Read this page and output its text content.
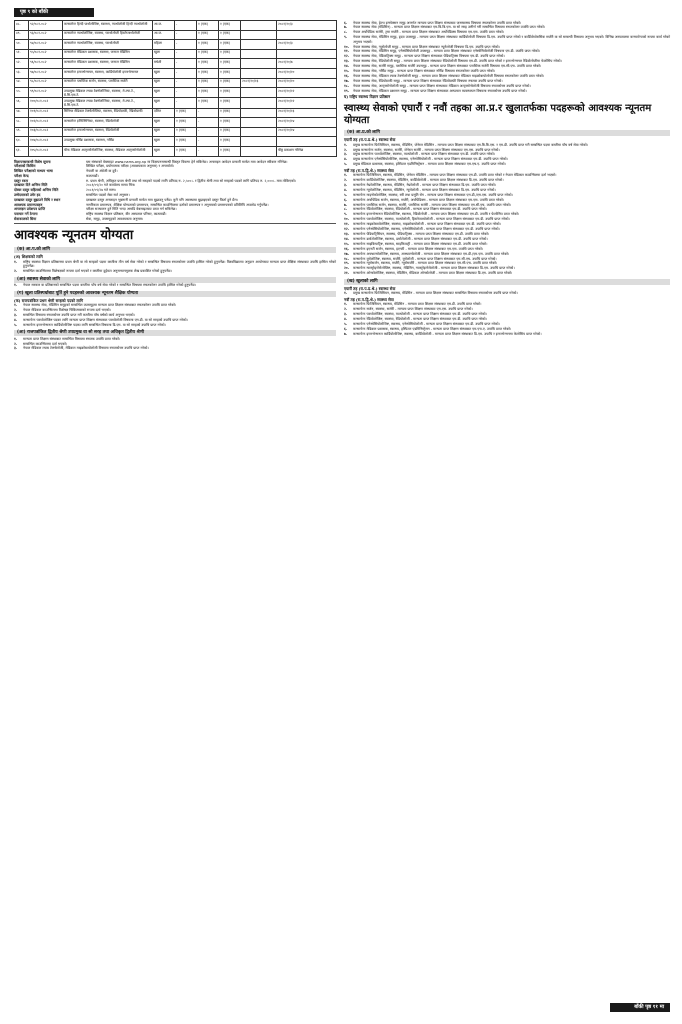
पृष्ठ ९ को बाँकी
४८.	९२/०८१-०८२	कन्सल्टेन्ट हिन्दी पाथोलोजिष्ट, स्वास्थ्य, प्याथोलोजी हिन्दी प्याथोलोजी	आ.ज.	-	१ (एक)	१ (एक)		२०८१/१०/३
४९.	९३/०८१-०८२	कन्सल्टेन्ट प्याथोलोजिष्ट, स्वास्थ्य, प्याथोलोजी हिस्टोप्याथोलोजी	आ.ज.	-	१ (एक)	१ (एक)		
५०.	९४/०८१-०८२	कन्सल्टेन्ट प्याथोलोजिष्ट, स्वास्थ्य, प्याथोलोजी	महिला	-	१ (एक)	१ (एक)		२०८१/१०/३
५१.	९५/०८१-०८२	कन्सल्टेन्ट मेडिकल प्रशासक, स्वास्थ्य, जनरल मेडिसिन	खुला	-	१ (एक)	१ (एक)		
५२.	९६/०८१-०८२	कन्सल्टेन्ट मेडिकल प्रशासक, स्वास्थ्य, जनरल मेडिसिन	मधेशी	-	१ (एक)	१ (एक)		२०८१/१०/७
५३.	९७/०८१-०८२	कन्सल्टेन्ट इन्टरभेन्सनल, स्वास्थ्य, कार्डियोलोजी इन्टरभेन्सनल	खुला	-	१ (एक)	१ (एक)		२०८१/१०/१०
५४.	९८/०८१-०८२	कन्सल्टेन्ट प्लास्टिक सर्जन, स्वास्थ्य, प्लास्टिक सर्जरी	खुला	-	१ (एक)	१ (एक)	२०८१/१०/१३	२०८१/१०/१०
५५.	९९/०८१-०८२	उपप्रमुख मेडिकल ल्याब टेक्नोलोजिस्ट, स्वास्थ्य, मे.ल्या.टे., ग्रे.सि.एस.टे.	खुला	-	१ (एक)	१ (एक)		२०८१/१०/१२
५६.	१००/०८१-०८२	उपप्रमुख मेडिकल ल्याब टेक्नोलोजिस्ट, स्वास्थ्य, मे.ल्या.टे., ग्रे.सि.एस.टे.	खुला	-	१ (एक)	१ (एक)		२०८१/१०/१२
५७.	१०१/०८१-०८२	सिनियर मेडिकल टेक्नोलोजिस्ट, स्वास्थ्य, रेडियोग्राफी, रेडियोग्राफी	दलित	१ (एक)	-	१ (एक)		२०८१/१०/१३
५८.	१०२/०८१-०८२	कन्सल्टेन्ट इन्टिस्निभिस्ट, स्वास्थ्य, रेडियोलोजी	खुला	१ (एक)	-	१ (एक)		२०८१/१०/१४
५९.	१०३/०८१-०८२	कन्सल्टेन्ट इन्टरभेन्सनल, स्वास्थ्य, रेडियोलोजी	खुला	१ (एक)	-	१ (एक)		२०८१/१०/१४
६०.	१०४/०८१-०८२	उपप्रमुख नर्सिङ प्रशासक, स्वास्थ्य, नर्सिङ	खुला	१ (एक)	-	१ (एक)		
६१.	१०५/०८१-०८२	चीफ मेडिकल अल्ट्रासोनोलोजिष्ट, स्वास्थ्य, मेडिकल अल्ट्रासोनोलोजी	खुला	१ (एक)	-	१ (एक)		चीठ्ठ प्रकाशन गरिनेछ
विज्ञापनसम्बन्धी विशेष सूचना	यस संस्थाको वेबसाइट www.nams.org.np मा विज्ञापनसम्बन्धी विस्तृत विवरण हेर्न सकिनेछ। अनलाइन आवेदन प्रणाली मार्फत मात्र आवेदन स्वीकार गरिनेछ।
परीक्षाको किसिम	लिखित परीक्षा, प्रयोगात्मक परीक्षा (आवश्यकता अनुसार) र अन्तर्वार्ता।
लिखित परीक्षाको माध्यम भाषा	नेपाली वा अंग्रेजी वा दुवै।
परीक्षा केन्द्र	काठमाडौं।
दस्तुर रकम	रु. प्रथम श्रेणी, अधिकृत प्रथम श्रेणी तथा सो सरहको पदको लागि प्रतिपद रु. २,५००।- र द्वितीय श्रेणी तथा सो सरहको पदको लागि प्रतिपद रु. २,०००।- मात्र तोकिएको।
दरखास्त दिने अन्तिम मिति	२०८१/०९/२० गते कार्यालय समय भित्र।
दोब्बर दस्तुर सहितको अन्तिम मिति	२०८१/०९/२७ गते सम्म।
उम्मेदवारको उमेर हद	सम्बन्धित पदको सेवा सर्त अनुसार।
दरखास्त दस्तुर बुझाउने विधि र स्थान	दरखास्त दस्तुर अनलाइन भुक्तानी प्रणाली मार्फत मात्र बुझाउनु पर्नेछ। कुनै पनि अवस्थामा बुझाइएको दस्तुर फिर्ता हुने छैन।
आवश्यक प्रमाणपत्रहरु	नागरिकता प्रमाणपत्र, शैक्षिक योग्यताको प्रमाणपत्र, सम्बन्धित काउन्सिलमा दर्ताको प्रमाणपत्र र अनुभवको प्रमाणपत्रको प्रतिलिपि अपलोड गर्नुपर्नेछ।
अनलाइन प्रवेशपत्र प्राप्ति	परीक्षा सञ्चालन हुने मिति भन्दा अगाडि वेबसाइटबाट प्राप्त गर्न सकिनेछ।
पत्राचार गर्ने ठेगाना	राष्ट्रिय स्वास्थ्य विज्ञान प्रतिष्ठान, बीर अस्पताल परिसर, काठमाडौं।
सेवाकालको सिमा	सेवा, समूह, उपसमूहको आवश्यकता अनुसार।
आवश्यक न्यूनतम योग्यता
(क) आ.प.को लागि
(अ) शिक्षकको लागि
१.	राष्ट्रिय स्वास्थ्य विज्ञान प्रतिष्ठानमा प्रथम श्रेणी वा सो सरहको पदमा कम्तीमा तीन वर्ष सेवा गरेको र सम्बन्धित विषयमा स्नातकोत्तर उपाधि हासिल गरेको हुनुपर्नेछ। विश्वविद्यालय अनुदान आयोगबाट मान्यता प्राप्त शैक्षिक संस्थाबाट उपाधि हासिल गरेको हुनुपर्नेछ।
२.	सम्बन्धित काउन्सिलमा विशेषज्ञको रूपमा दर्ता भएको र कम्तीमा दुईवटा अनुसन्धानमूलक लेख प्रकाशित गरेको हुनुपर्नेछ।
(आ) स्वास्थ्य सेवाको लागि
१.	नेपाल सरकार वा प्रतिष्ठानको सम्बन्धित पदमा कम्तीमा पाँच वर्ष सेवा गरेको र सम्बन्धित विषयमा स्नातकोत्तर उपाधि हासिल गरेको हुनुपर्नेछ।
(ग) खुला प्रतिस्पर्धाबाट पूर्ति हुने पदहरुको आवश्यक न्यूनतम शैक्षिक योग्यता
(क) राजपत्रांकित प्रथम श्रेणी सरहको पदको लागि
१.	नेपाल स्वास्थ्य सेवा, मेडिसिन समूहको सम्बन्धित उपसमूहमा मान्यता प्राप्त शिक्षण संस्थाबाट स्नातकोत्तर उपाधि प्राप्त गरेको।
२.	नेपाल मेडिकल काउन्सिलमा विशेषज्ञ चिकित्सकको रूपमा दर्ता भएको।
३.	सम्बन्धित विषयमा स्नातकोत्तर उपाधि प्राप्त गरी कम्तीमा पाँच वर्षको कार्य अनुभव भएको।
४.	कन्सल्टेन्ट प्याथोलोजिष्ट पदका लागि मान्यता प्राप्त शिक्षण संस्थाबाट प्याथोलोजी विषयमा एम.डी. वा सो सरहको उपाधि प्राप्त गरेको।
५.	कन्सल्टेन्ट इन्टरभेन्सनल कार्डियोलोजिष्ट पदका लागि सम्बन्धित विषयमा डि.एम. वा सो सरहको उपाधि प्राप्त गरेको।
(आ) राजपत्रांकित द्वितीय श्रेणी उपप्रमुख वा सो सरह तथा अधिकृत द्वितीय श्रेणी
१.	मान्यता प्राप्त शिक्षण संस्थाबाट सम्बन्धित विषयमा स्नातक उपाधि प्राप्त गरेको।
२.	सम्बन्धित काउन्सिलमा दर्ता भएको।
३.	नेपाल मेडिकल ल्याब टेक्नोलोजी, मेडिकल माइक्रोबायोलोजी विषयमा स्नातकोत्तर उपाधि प्राप्त गरेको।
६.	नेपाल स्वास्थ्य सेवा, हेल्थ इन्स्पेक्सन समूह अन्तर्गत मान्यता प्राप्त शिक्षण संस्थाबाट जनस्वास्थ्य विषयमा स्नातकोत्तर उपाधि प्राप्त गरेको।
७.	नेपाल स्वास्थ्य सेवा (मेडिसिन) - मान्यता प्राप्त शिक्षण संस्थाबाट एम.बि.बि.एस. वा सो सरह उत्तीर्ण गरी सम्बन्धित विषयमा स्नातकोत्तर उपाधि प्राप्त गरेको।
८.	नेपाल अर्थोपेडिक सर्जरी, ट्रमा सर्जरी - मान्यता प्राप्त शिक्षण संस्थाबाट अर्थोपेडिक्स विषयमा एम.एस. उपाधि प्राप्त गरेको।
९.	नेपाल स्वास्थ्य सेवा, मेडिसिन समूह, हृदय उपसमूह - मान्यता प्राप्त शिक्षण संस्थाबाट कार्डियोलोजी विषयमा डि.एम. उपाधि प्राप्त गरेको र कार्डियोथोरासिक सर्जरी वा सो सम्बन्धी विषयमा अनुभव भएको। विभिन्न अस्पतालमा कन्सल्टेन्टको रूपमा कार्य गरेको अनुभव भएको।
१०.	नेपाल स्वास्थ्य सेवा, न्यूरोलोजी समूह - मान्यता प्राप्त शिक्षण संस्थाबाट न्यूरोलोजी विषयमा डि.एम. उपाधि प्राप्त गरेको।
११.	नेपाल स्वास्थ्य सेवा, मेडिसिन समूह, एनेस्थेसियोलोजी उपसमूह - मान्यता प्राप्त शिक्षण संस्थाबाट एनेस्थेसियोलोजी विषयमा एम.डी. उपाधि प्राप्त गरेको।
१२.	नेपाल स्वास्थ्य सेवा, पेडियाट्रिक्स समूह - मान्यता प्राप्त शिक्षण संस्थाबाट पेडियाट्रिक्स विषयमा एम.डी. उपाधि प्राप्त गरेको।
१३.	नेपाल स्वास्थ्य सेवा, रेडियोलोजी समूह - मान्यता प्राप्त शिक्षण संस्थाबाट रेडियोलोजी विषयमा एम.डी. उपाधि प्राप्त गरेको र इन्टरभेन्सनल रेडियोलोजीमा फेलोसिप गरेको।
१४.	नेपाल स्वास्थ्य सेवा, सर्जरी समूह, प्लास्टिक सर्जरी उपसमूह - मान्यता प्राप्त शिक्षण संस्थाबाट प्लास्टिक सर्जरी विषयमा एम.सी.एच. उपाधि प्राप्त गरेको।
१५.	नेपाल स्वास्थ्य सेवा, नर्सिङ समूह - मान्यता प्राप्त शिक्षण संस्थाबाट नर्सिङ विषयमा स्नातकोत्तर उपाधि प्राप्त गरेको।
१६.	नेपाल स्वास्थ्य सेवा, मेडिकल ल्याब टेक्नोलोजी समूह - मान्यता प्राप्त शिक्षण संस्थाबाट मेडिकल माइक्रोबायोलोजी विषयमा स्नातकोत्तर उपाधि प्राप्त गरेको।
१७.	नेपाल स्वास्थ्य सेवा, रेडियोग्राफी समूह - मान्यता प्राप्त शिक्षण संस्थाबाट रेडियोग्राफी विषयमा स्नातक उपाधि प्राप्त गरेको।
१८.	नेपाल स्वास्थ्य सेवा, अल्ट्रासोनोलोजी समूह - मान्यता प्राप्त शिक्षण संस्थाबाट मेडिकल अल्ट्रासोनोलोजी विषयमा स्नातकोत्तर उपाधि प्राप्त गरेको।
१९.	नेपाल स्वास्थ्य सेवा, मेडिकल प्रशासन समूह - मान्यता प्राप्त शिक्षण संस्थाबाट अस्पताल व्यवस्थापन विषयमा स्नातकोत्तर उपाधि प्राप्त गरेको।
घ) राष्ट्रिय स्वास्थ्य विज्ञान प्रतिष्ठान
स्वास्थ्य सेवाको एघारौं र नवौं तहका आ.प्र.र खुलातर्फका पदहरूको आवश्यक न्यूनतम योग्यता
(क) आ.प्र.को लागि
एघारौं तह (रा.प.प्र.श्रे.) स्वास्थ्य सेवा
१.	प्रमुख कन्सल्टेन्ट फिजिसियन, स्वास्थ्य, मेडिसिन, जेनेरल मेडिसिन - मान्यता प्राप्त शिक्षण संस्थाबाट एम.बि.बि.एस. र एम.डी. उपाधि प्राप्त गरी सम्बन्धित पदमा कम्तीमा पाँच वर्ष सेवा गरेको।
२.	प्रमुख कन्सल्टेन्ट सर्जन, स्वास्थ्य, सर्जरी, जेनेरल सर्जरी - मान्यता प्राप्त शिक्षण संस्थाबाट एम.एस. उपाधि प्राप्त गरेको।
३.	प्रमुख कन्सल्टेन्ट प्याथोलोजिष्ट, स्वास्थ्य, प्याथोलोजी - मान्यता प्राप्त शिक्षण संस्थाबाट एम.डी. उपाधि प्राप्त गरेको।
४.	प्रमुख कन्सल्टेन्ट एनेस्थेसियोलोजिष्ट, स्वास्थ्य, एनेस्थेसियोलोजी - मान्यता प्राप्त शिक्षण संस्थाबाट एम.डी. उपाधि प्राप्त गरेको।
५.	प्रमुख मेडिकल प्रशासक, स्वास्थ्य, हस्पिटल एडमिनिस्ट्रेसन - मान्यता प्राप्त शिक्षण संस्थाबाट एम.एच.ए. उपाधि प्राप्त गरेको।
नवौं तह (रा.प.द्वि.श्रे.) स्वास्थ्य सेवा
१.	कन्सल्टेन्ट फिजिसियन, स्वास्थ्य, मेडिसिन, जेनेरल मेडिसिन - मान्यता प्राप्त शिक्षण संस्थाबाट एम.डी. उपाधि प्राप्त गरेको र नेपाल मेडिकल काउन्सिलमा दर्ता भएको।
२.	कन्सल्टेन्ट कार्डियोलोजिष्ट, स्वास्थ्य, मेडिसिन, कार्डियोलोजी - मान्यता प्राप्त शिक्षण संस्थाबाट डि.एम. उपाधि प्राप्त गरेको।
३.	कन्सल्टेन्ट नेफ्रोलोजिष्ट, स्वास्थ्य, मेडिसिन, नेफ्रोलोजी - मान्यता प्राप्त शिक्षण संस्थाबाट डि.एम. उपाधि प्राप्त गरेको।
४.	कन्सल्टेन्ट न्यूरोलोजिष्ट, स्वास्थ्य, मेडिसिन, न्यूरोलोजी - मान्यता प्राप्त शिक्षण संस्थाबाट डि.एम. उपाधि प्राप्त गरेको।
५.	कन्सल्टेन्ट गाइनोकोलोजिष्ट, स्वास्थ्य, स्त्री तथा प्रसूति रोग - मान्यता प्राप्त शिक्षण संस्थाबाट एम.डी./एम.एस. उपाधि प्राप्त गरेको।
६.	कन्सल्टेन्ट अर्थोपेडिक सर्जन, स्वास्थ्य, सर्जरी, अर्थोपेडिक्स - मान्यता प्राप्त शिक्षण संस्थाबाट एम.एस. उपाधि प्राप्त गरेको।
७.	कन्सल्टेन्ट प्लास्टिक सर्जन, स्वास्थ्य, सर्जरी, प्लास्टिक सर्जरी - मान्यता प्राप्त शिक्षण संस्थाबाट एम.सी.एच. उपाधि प्राप्त गरेको।
८.	कन्सल्टेन्ट रेडियोलोजिष्ट, स्वास्थ्य, रेडियोलोजी - मान्यता प्राप्त शिक्षण संस्थाबाट एम.डी. उपाधि प्राप्त गरेको।
९.	कन्सल्टेन्ट इन्टरभेन्सनल रेडियोलोजिष्ट, स्वास्थ्य, रेडियोलोजी - मान्यता प्राप्त शिक्षण संस्थाबाट एम.डी. उपाधि र फेलोसिप प्राप्त गरेको।
१०.	कन्सल्टेन्ट प्याथोलोजिष्ट, स्वास्थ्य, प्याथोलोजी, हिस्टोप्याथोलोजी - मान्यता प्राप्त शिक्षण संस्थाबाट एम.डी. उपाधि प्राप्त गरेको।
११.	कन्सल्टेन्ट माइक्रोबायोलोजिष्ट, स्वास्थ्य, माइक्रोबायोलोजी - मान्यता प्राप्त शिक्षण संस्थाबाट एम.डी. उपाधि प्राप्त गरेको।
१२.	कन्सल्टेन्ट एनेस्थेसियोलोजिष्ट, स्वास्थ्य, एनेस्थेसियोलोजी - मान्यता प्राप्त शिक्षण संस्थाबाट एम.डी. उपाधि प्राप्त गरेको।
१३.	कन्सल्टेन्ट पेडियाट्रिसियन, स्वास्थ्य, पेडियाट्रिक्स - मान्यता प्राप्त शिक्षण संस्थाबाट एम.डी. उपाधि प्राप्त गरेको।
१४.	कन्सल्टेन्ट डर्माटोलोजिष्ट, स्वास्थ्य, डर्माटोलोजी - मान्यता प्राप्त शिक्षण संस्थाबाट एम.डी. उपाधि प्राप्त गरेको।
१५.	कन्सल्टेन्ट साइकियाट्रिष्ट, स्वास्थ्य, साइकियाट्री - मान्यता प्राप्त शिक्षण संस्थाबाट एम.डी. उपाधि प्राप्त गरेको।
१६.	कन्सल्टेन्ट इएनटी सर्जन, स्वास्थ्य, इएनटी - मान्यता प्राप्त शिक्षण संस्थाबाट एम.एस. उपाधि प्राप्त गरेको।
१७.	कन्सल्टेन्ट अफ्थाल्मोलोजिष्ट, स्वास्थ्य, अफ्थाल्मोलोजी - मान्यता प्राप्त शिक्षण संस्थाबाट एम.डी./एम.एस. उपाधि प्राप्त गरेको।
१८.	कन्सल्टेन्ट युरोलोजिष्ट, स्वास्थ्य, सर्जरी, युरोलोजी - मान्यता प्राप्त शिक्षण संस्थाबाट एम.सी.एच. उपाधि प्राप्त गरेको।
१९.	कन्सल्टेन्ट न्यूरोसर्जन, स्वास्थ्य, सर्जरी, न्यूरोसर्जरी - मान्यता प्राप्त शिक्षण संस्थाबाट एम.सी.एच. उपाधि प्राप्त गरेको।
२०.	कन्सल्टेन्ट ग्यास्ट्रोइन्टेरोलोजिष्ट, स्वास्थ्य, मेडिसिन, ग्यास्ट्रोइन्टेरोलोजी - मान्यता प्राप्त शिक्षण संस्थाबाट डि.एम. उपाधि प्राप्त गरेको।
२१.	कन्सल्टेन्ट ओन्कोलोजिष्ट, स्वास्थ्य, मेडिसिन, मेडिकल ओन्कोलोजी - मान्यता प्राप्त शिक्षण संस्थाबाट डि.एम. उपाधि प्राप्त गरेको।
(ख) खुलाको लागि
एघारौं तह (रा.प.प्र.श्रे.) स्वास्थ्य सेवा
१.	प्रमुख कन्सल्टेन्ट फिजिसियन, स्वास्थ्य, मेडिसिन - मान्यता प्राप्त शिक्षण संस्थाबाट सम्बन्धित विषयमा स्नातकोत्तर उपाधि प्राप्त गरेको।
नवौं तह (रा.प.द्वि.श्रे.) स्वास्थ्य सेवा
१.	कन्सल्टेन्ट फिजिसियन, स्वास्थ्य, मेडिसिन - मान्यता प्राप्त शिक्षण संस्थाबाट एम.डी. उपाधि प्राप्त गरेको।
२.	कन्सल्टेन्ट सर्जन, स्वास्थ्य, सर्जरी - मान्यता प्राप्त शिक्षण संस्थाबाट एम.एस. उपाधि प्राप्त गरेको।
३.	कन्सल्टेन्ट प्याथोलोजिष्ट, स्वास्थ्य, प्याथोलोजी - मान्यता प्राप्त शिक्षण संस्थाबाट एम.डी. उपाधि प्राप्त गरेको।
४.	कन्सल्टेन्ट रेडियोलोजिष्ट, स्वास्थ्य, रेडियोलोजी - मान्यता प्राप्त शिक्षण संस्थाबाट एम.डी. उपाधि प्राप्त गरेको।
५.	कन्सल्टेन्ट एनेस्थेसियोलोजिष्ट, स्वास्थ्य, एनेस्थेसियोलोजी - मान्यता प्राप्त शिक्षण संस्थाबाट एम.डी. उपाधि प्राप्त गरेको।
६.	कन्सल्टेन्ट मेडिकल प्रशासक, स्वास्थ्य, हस्पिटल एडमिनिस्ट्रेसन - मान्यता प्राप्त शिक्षण संस्थाबाट एम.एच.ए. उपाधि प्राप्त गरेको।
७.	कन्सल्टेन्ट इन्टरभेन्सनल कार्डियोलोजिष्ट, स्वास्थ्य, कार्डियोलोजी - मान्यता प्राप्त शिक्षण संस्थाबाट डि.एम. उपाधि र इन्टरभेन्सनमा फेलोसिप प्राप्त गरेको।
बाँकी पृष्ठ ११ मा
